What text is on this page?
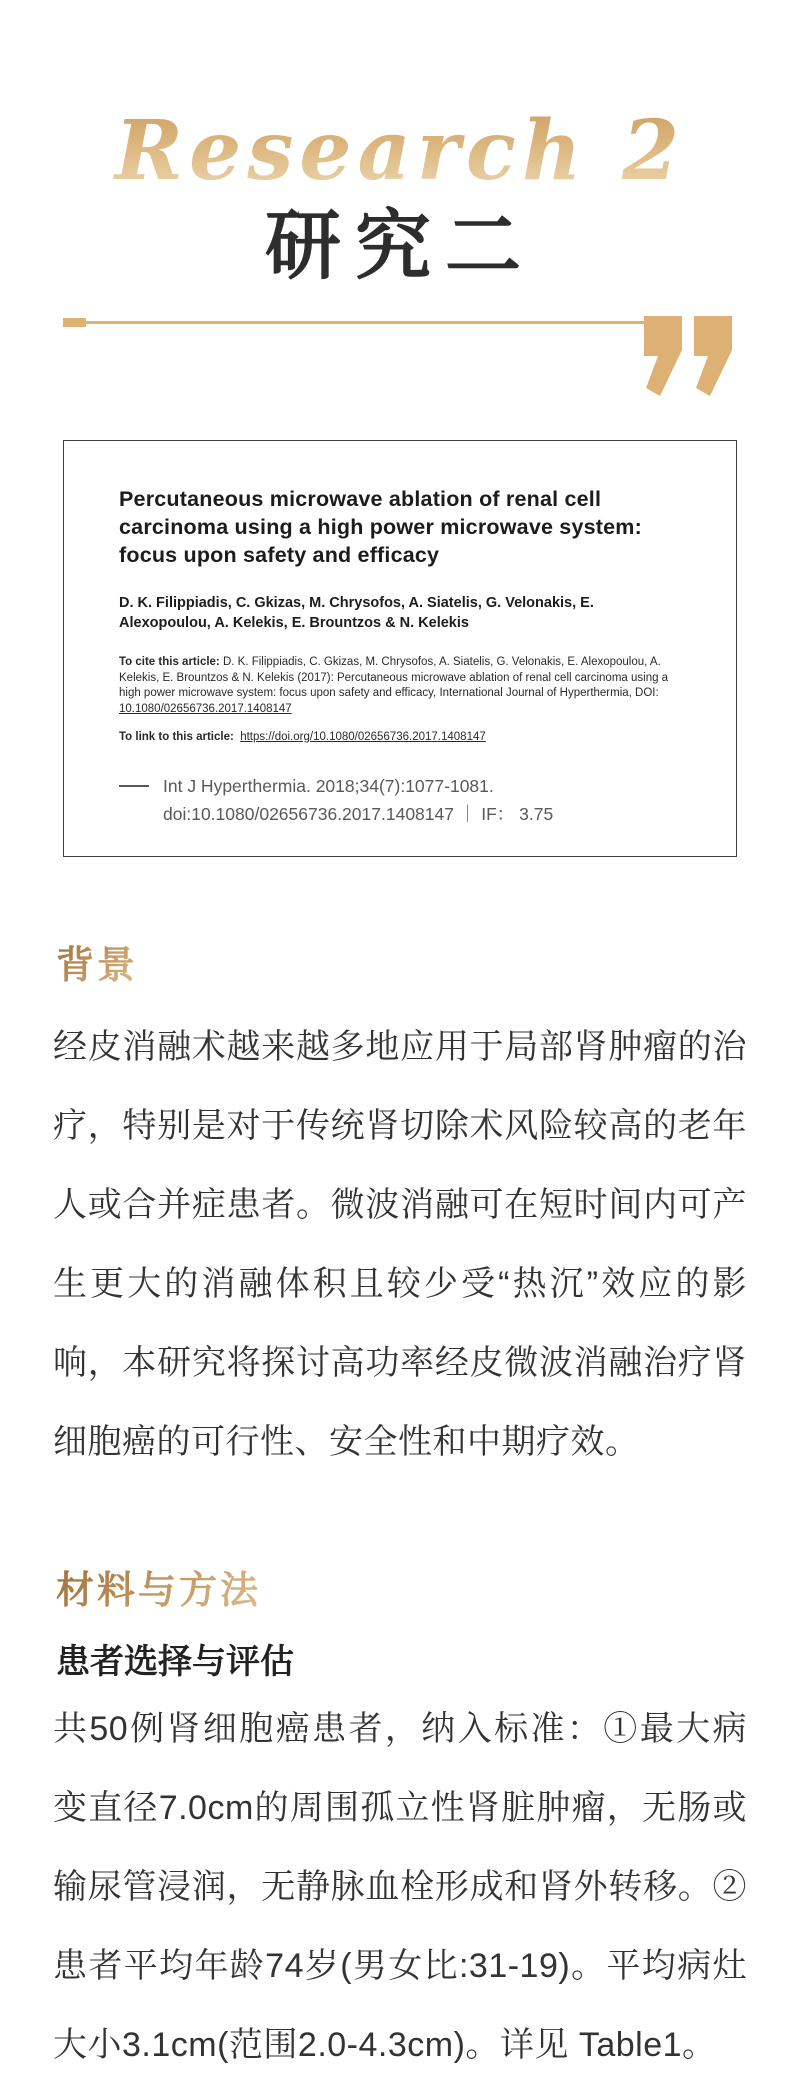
Research 2
研究二
Percutaneous microwave ablation of renal cell carcinoma using a high power microwave system: focus upon safety and efficacy
D. K. Filippiadis, C. Gkizas, M. Chrysofos, A. Siatelis, G. Velonakis, E. Alexopoulou, A. Kelekis, E. Brountzos & N. Kelekis
To cite this article: D. K. Filippiadis, C. Gkizas, M. Chrysofos, A. Siatelis, G. Velonakis, E. Alexopoulou, A. Kelekis, E. Brountzos & N. Kelekis (2017): Percutaneous microwave ablation of renal cell carcinoma using a high power microwave system: focus upon safety and efficacy, International Journal of Hyperthermia, DOI: 10.1080/02656736.2017.1408147
To link to this article:  https://doi.org/10.1080/02656736.2017.1408147
Int J Hyperthermia. 2018;34(7):1077-1081.
doi:10.1080/02656736.2017.1408147 ｜ IF： 3.75
背景

经皮消融术越来越多地应用于局部肾肿瘤的治疗，特别是对于传统肾切除术风险较高的老年人或合并症患者。微波消融可在短时间内可产生更大的消融体积且较少受“热沉”效应的影响，本研究将探讨高功率经皮微波消融治疗肾细胞癌的可行性、安全性和中期疗效。

材料与方法
患者选择与评估

共50例肾细胞癌患者，纳入标准：①最大病变直径7.0cm的周围孤立性肾脏肿瘤，无肠或输尿管浸润，无静脉血栓形成和肾外转移。②患者平均年龄74岁(男女比:31-19)。平均病灶大小3.1cm(范围2.0-4.3cm)。详见 Table1。
